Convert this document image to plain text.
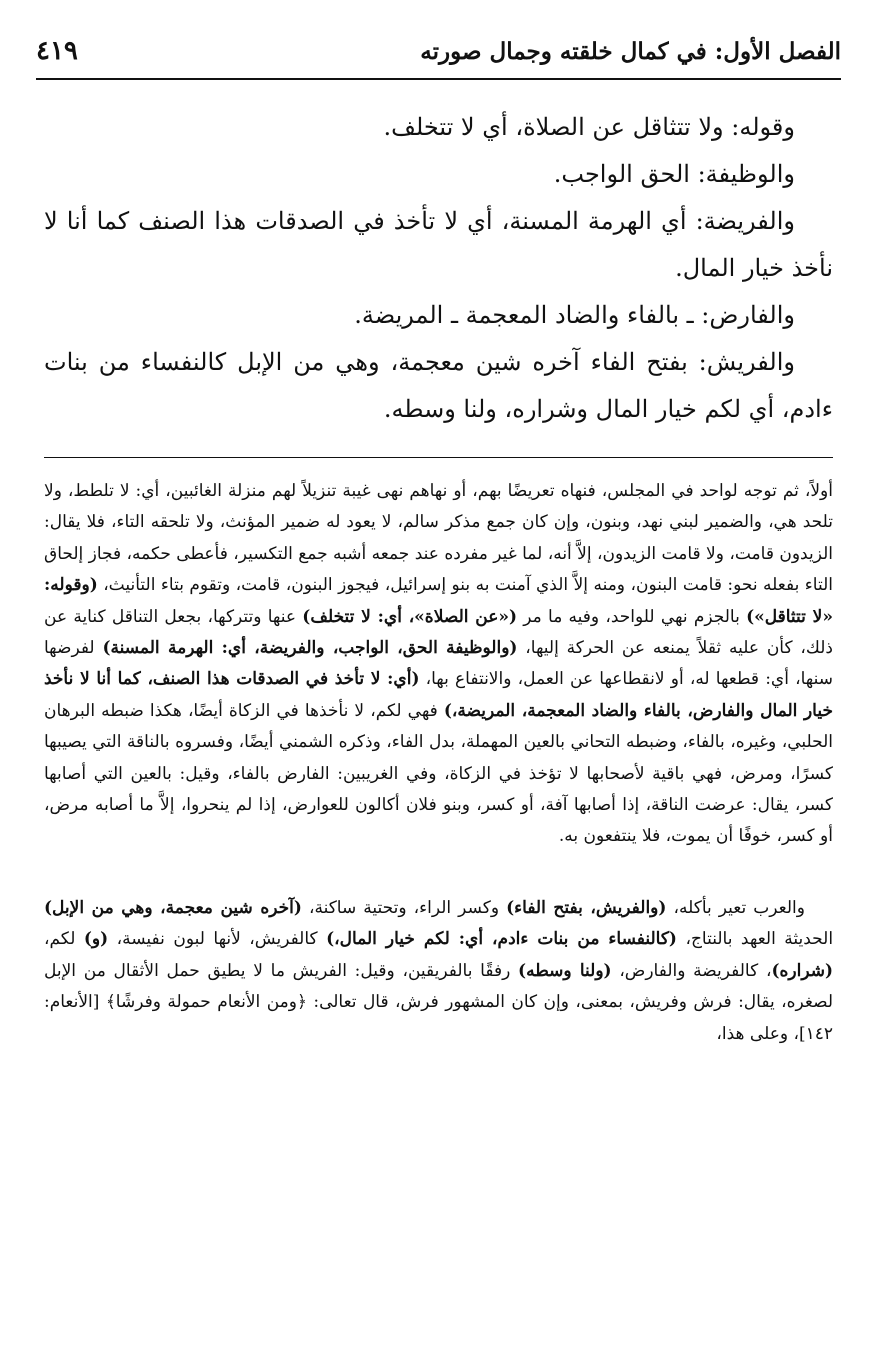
الفصل الأول: في كمال خلقته وجمال صورته
٤١٩

وقوله: ولا تتثاقل عن الصلاة، أي لا تتخلف.

والوظيفة: الحق الواجب.

والفريضة: أي الهرمة المسنة، أي لا تأخذ في الصدقات هذا الصنف كما أنا لا نأخذ خيار المال.

والفارض: ـ بالفاء والضاد المعجمة ـ المريضة.

والفريش: بفتح الفاء آخره شين معجمة، وهي من الإبل كالنفساء من بنات ءادم، أي لكم خيار المال وشراره، ولنا وسطه.

أولاً، ثم توجه لواحد في المجلس، فنهاه تعريضًا بهم، أو نهاهم نهى غيبة تنزيلاً لهم منزلة الغائبين، أي: لا تلطط، ولا تلحد هي، والضمير لبني نهد، وبنون، وإن كان جمع مذكر سالم، لا يعود له ضمير المؤنث، ولا تلحقه التاء، فلا يقال: الزيدون قامت، ولا قامت الزيدون، إلاَّ أنه، لما غير مفرده عند جمعه أشبه جمع التكسير، فأعطى حكمه، فجاز إلحاق التاء بفعله نحو: قامت البنون، ومنه إلاَّ الذي آمنت به بنو إسرائيل، فيجوز البنون، قامت، وتقوم بتاء التأنيث، (وقوله: «لا تتثاقل») بالجزم نهي للواحد، وفيه ما مر («عن الصلاة»، أي: لا تتخلف) عنها وتتركها، بجعل التناقل كناية عن ذلك، كأن عليه ثقلاً يمنعه عن الحركة إليها، (والوظيفة الحق، الواجب، والفريضة، أي: الهرمة المسنة) لفرضها سنها، أي: قطعها له، أو لانقطاعها عن العمل، والانتفاع بها، (أي: لا تأخذ في الصدقات هذا الصنف، كما أنا لا نأخذ خيار المال والفارض، بالفاء والضاد المعجمة، المريضة،) فهي لكم، لا نأخذها في الزكاة أيضًا، هكذا ضبطه البرهان الحلبي، وغيره، بالفاء، وضبطه التحاني بالعين المهملة، بدل الفاء، وذكره الشمني أيضًا، وفسروه بالناقة التي يصيبها كسرًا، ومرض، فهي باقية لأصحابها لا تؤخذ في الزكاة، وفي الغريبين: الفارض بالفاء، وقيل: بالعين التي أصابها كسر، يقال: عرضت الناقة، إذا أصابها آفة، أو كسر، وبنو فلان أكالون للعوارض، إذا لم ينحروا، إلاَّ ما أصابه مرض، أو كسر، خوفًا أن يموت، فلا ينتفعون به.

والعرب تعير بأكله، (والفريش، بفتح الفاء) وكسر الراء، وتحتية ساكنة، (آخره شين معجمة، وهي من الإبل) الحديثة العهد بالنتاج، (كالنفساء من بنات ءادم، أي: لكم خيار المال،) كالفريش، لأنها لبون نفيسة، (و) لكم، (شراره)، كالفريضة والفارض، (ولنا وسطه) رفقًا بالفريقين، وقيل: الفريش ما لا يطيق حمل الأثقال من الإبل لصغره، يقال: فرش وفريش، بمعنى، وإن كان المشهور فرش، قال تعالى: ﴿ومن الأنعام حمولة وفرشًا﴾ [الأنعام: ١٤٢]، وعلى هذا،
